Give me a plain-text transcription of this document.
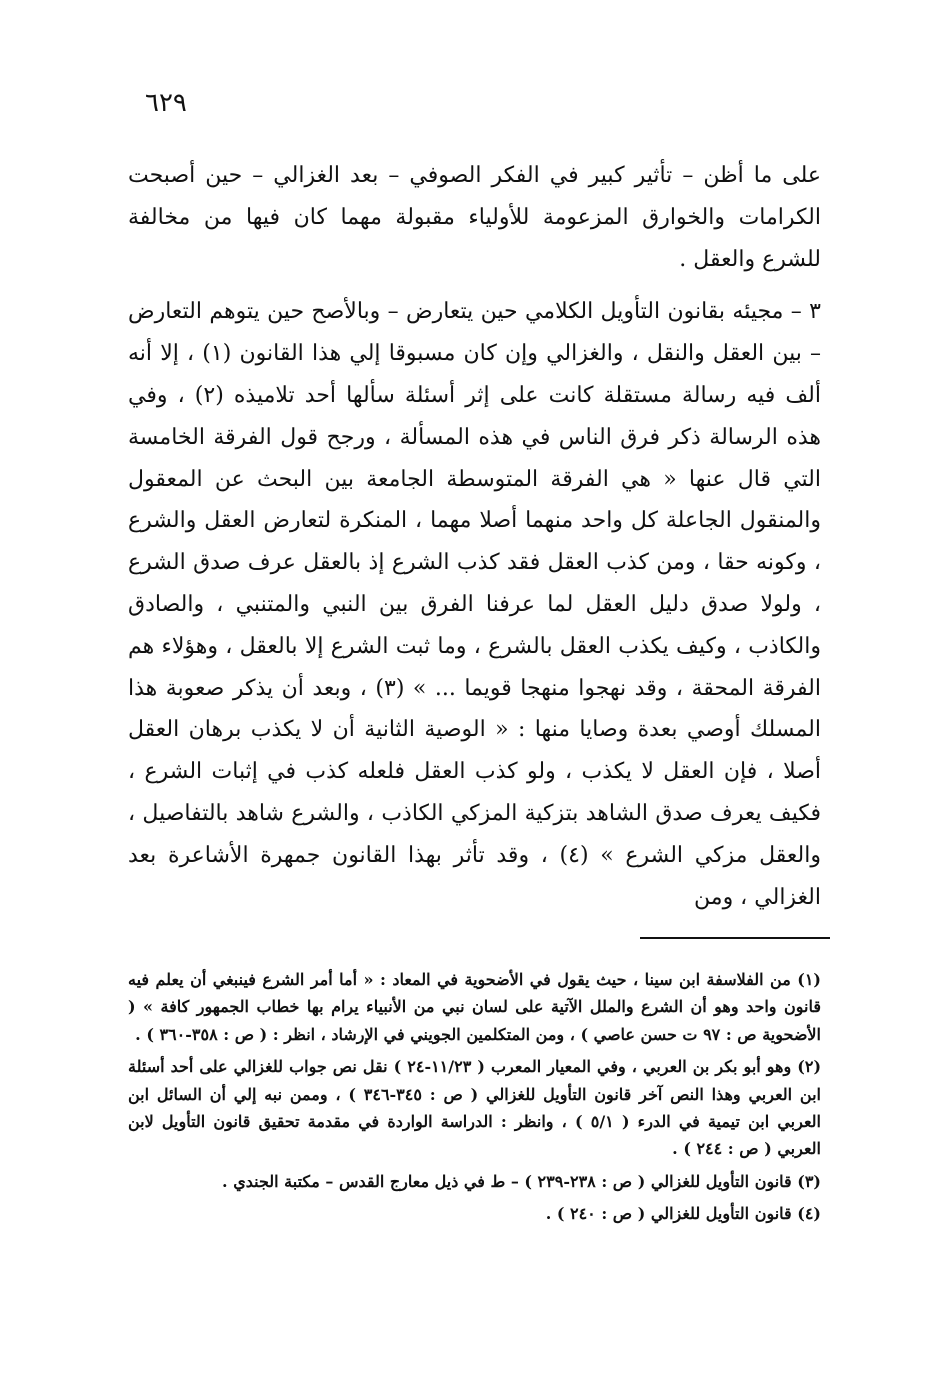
٦٢٩

على ما أظن – تأثير كبير في الفكر الصوفي – بعد الغزالي – حين أصبحت الكرامات والخوارق المزعومة للأولياء مقبولة مهما كان فيها من مخالفة للشرع والعقل .

٣ – مجيئه بقانون التأويل الكلامي حين يتعارض – وبالأصح حين يتوهم التعارض – بين العقل والنقل ، والغزالي وإن كان مسبوقا إلي هذا القانون (١) ، إلا أنه ألف فيه رسالة مستقلة كانت على إثر أسئلة سألها أحد تلاميذه (٢) ، وفي هذه الرسالة ذكر فرق الناس في هذه المسألة ، ورجح قول الفرقة الخامسة التي قال عنها « هي الفرقة المتوسطة الجامعة بين البحث عن المعقول والمنقول الجاعلة كل واحد منهما أصلا مهما ، المنكرة لتعارض العقل والشرع ، وكونه حقا ، ومن كذب العقل فقد كذب الشرع إذ بالعقل عرف صدق الشرع ، ولولا صدق دليل العقل لما عرفنا الفرق بين النبي والمتنبي ، والصادق والكاذب ، وكيف يكذب العقل بالشرع ، وما ثبت الشرع إلا بالعقل ، وهؤلاء هم الفرقة المحقة ، وقد نهجوا منهجا قويما ... » (٣) ، وبعد أن يذكر صعوبة هذا المسلك أوصي بعدة وصايا منها : « الوصية الثانية أن لا يكذب برهان العقل أصلا ، فإن العقل لا يكذب ، ولو كذب العقل فلعله كذب في إثبات الشرع ، فكيف يعرف صدق الشاهد بتزكية المزكي الكاذب ، والشرع شاهد بالتفاصيل ، والعقل مزكي الشرع » (٤) ، وقد تأثر بهذا القانون جمهرة الأشاعرة بعد الغزالي ، ومن

(١) من الفلاسفة ابن سينا ، حيث يقول في الأضحوية في المعاد : « أما أمر الشرع فينبغي أن يعلم فيه قانون واحد وهو أن الشرع والملل الآتية على لسان نبي من الأنبياء يرام بها خطاب الجمهور كافة » ( الأضحوية ص : ٩٧ ت حسن عاصي ) ، ومن المتكلمين الجويني في الإرشاد ، انظر : ( ص : ٣٥٨-٣٦٠ ) .

(٢) وهو أبو بكر بن العربي ، وفي المعيار المعرب ( ١١/٢٣-٢٤ ) نقل نص جواب للغزالي على أحد أسئلة ابن العربي وهذا النص آخر قانون التأويل للغزالي ( ص : ٣٤٥-٣٤٦ ) ، وممن نبه إلي أن السائل ابن العربي ابن تيمية في الدرء ( ٥/١ ) ، وانظر : الدراسة الواردة في مقدمة تحقيق قانون التأويل لابن العربي ( ص : ٢٤٤ ) .

(٣) قانون التأويل للغزالي ( ص : ٢٣٨-٢٣٩ ) – ط في ذيل معارج القدس – مكتبة الجندي .

(٤) قانون التأويل للغزالي ( ص : ٢٤٠ ) .
